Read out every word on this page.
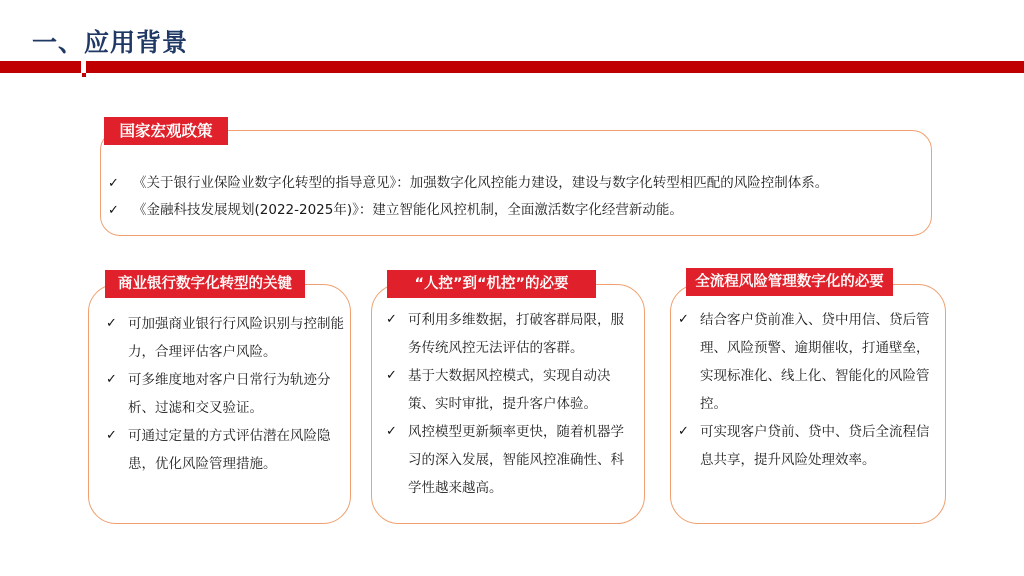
一、应用背景
国家宏观政策
✓ 《关于银行业保险业数字化转型的指导意见》：加强数字化风控能力建设，建设与数字化转型相匹配的风险控制体系。
✓ 《金融科技发展规划(2022-2025年)》：建立智能化风控机制，全面激活数字化经营新动能。
商业银行数字化转型的关键
✓ 可加强商业银行行风险识别与控制能力，合理评估客户风险。
✓ 可多维度地对客户日常行为轨迹分析、过滤和交叉验证。
✓ 可通过定量的方式评估潜在风险隐患，优化风险管理措施。
“人控”到“机控”的必要
✓ 可利用多维数据，打破客群局限，服务传统风控无法评估的客群。
✓ 基于大数据风控模式，实现自动决策、实时审批，提升客户体验。
✓ 风控模型更新频率更快，随着机器学习的深入发展，智能风控准确性、科学性越来越高。
全流程风险管理数字化的必要
✓ 结合客户贷前准入、贷中用信、贷后管理、风险预警、逾期催收，打通壁垒，实现标准化、线上化、智能化的风险管控。
✓ 可实现客户贷前、贷中、贷后全流程信息共享，提升风险处理效率。
